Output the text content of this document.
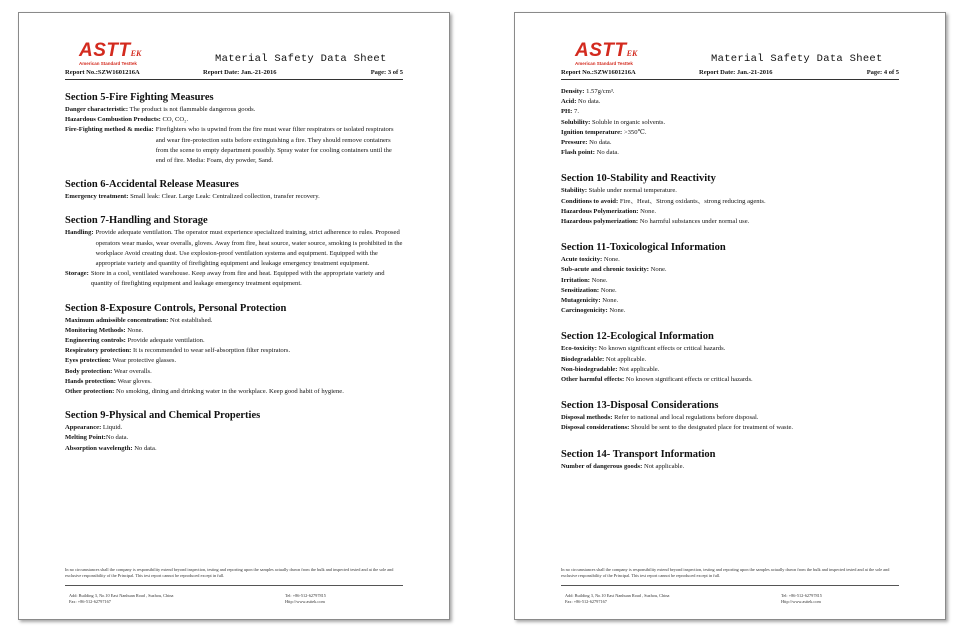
ASTTEK
American Standard Testtek	Material Safety Data Sheet
Report No.:SZW1601216A	Report Date: Jan.-21-2016	Page: 3 of 5
Section 5-Fire Fighting Measures
Danger characteristic: The product is not flammable dangerous goods.
Hazardous Combustion Products: CO, CO₂.
Fire-Fighting method & media: Firefighters who is upwind from the fire must wear filter respirators or isolated respirators and wear fire-protection suits before extinguishing a fire. They should remove containers from the scene to empty department possibly. Spray water for cooling containers until the end of fire. Media: Foam, dry powder, Sand.
Section 6-Accidental Release Measures
Emergency treatment: Small leak: Clear. Large Leak: Centralized collection, transfer recovery.
Section 7-Handling and Storage
Handling: Provide adequate ventilation. The operator must experience specialized training, strict adherence to rules. Proposed operators wear masks, wear overalls, gloves. Away from fire, heat source, water source, smoking is prohibited in the workplace Avoid creating dust. Use explosion-proof ventilation systems and equipment. Equipped with the appropriate variety and quantity of firefighting equipment and leakage emergency treatment equipment.
Storage: Store in a cool, ventilated warehouse. Keep away from fire and heat. Equipped with the appropriate variety and quantity of firefighting equipment and leakage emergency treatment equipment.
Section 8-Exposure Controls, Personal Protection
Maximum admissible concentration: Not established.
Monitoring Methods: None.
Engineering controls: Provide adequate ventilation.
Respiratory protection: It is recommended to wear self-absorption filter respirators.
Eyes protection: Wear protective glasses.
Body protection: Wear overalls.
Hands protection: Wear gloves.
Other protection: No smoking, dining and drinking water in the workplace. Keep good habit of hygiene.
Section 9-Physical and Chemical Properties
Appearance: Liquid.
Melting Point:No data.
Absorption wavelength: No data.
In no circumstances shall the company is responsibility extend beyond inspection, testing and reporting upon the samples actually drawn from the bulk and inspected tested and at the sole and exclusive responsibility of the Principal. This test report cannot be reproduced except in full.
Add: Building 3, No.10 East Nanhuan Road , Suzhou, China	Tel: +86-512-62797815
Fax: +86-512-62797167	Http://www.asttek.com
ASTTEK
American Standard Testtek	Material Safety Data Sheet
Report No.:SZW1601216A	Report Date: Jan.-21-2016	Page: 4 of 5
Density: 1.57g/cm³.
Acid: No data.
PH: 7.
Solubility: Soluble in organic solvents.
Ignition temperature: >350℃.
Pressure: No data.
Flash point: No data.
Section 10-Stability and Reactivity
Stability: Stable under normal temperature.
Conditions to avoid: Fire、Heat、Strong oxidants、strong reducing agents.
Hazardous Polymerization: None.
Hazardous polymerization: No harmful substances under normal use.
Section 11-Toxicological Information
Acute toxicity: None.
Sub-acute and chronic toxicity: None.
Irritation: None.
Sensitization: None.
Mutagenicity: None.
Carcinogenicity: None.
Section 12-Ecological Information
Eco-toxicity: No known significant effects or critical hazards.
Biodegradable: Not applicable.
Non-biodegradable: Not applicable.
Other harmful effects: No known significant effects or critical hazards.
Section 13-Disposal Considerations
Disposal methods: Refer to national and local regulations before disposal.
Disposal considerations: Should be sent to the designated place for treatment of waste.
Section 14- Transport Information
Number of dangerous goods: Not applicable.
In no circumstances shall the company is responsibility extend beyond inspection, testing and reporting upon the samples actually drawn from the bulk and inspected tested and at the sole and exclusive responsibility of the Principal. This test report cannot be reproduced except in full.
Add: Building 3, No.10 East Nanhuan Road , Suzhou, China	Tel: +86-512-62797815
Fax: +86-512-62797167	Http://www.asttek.com
